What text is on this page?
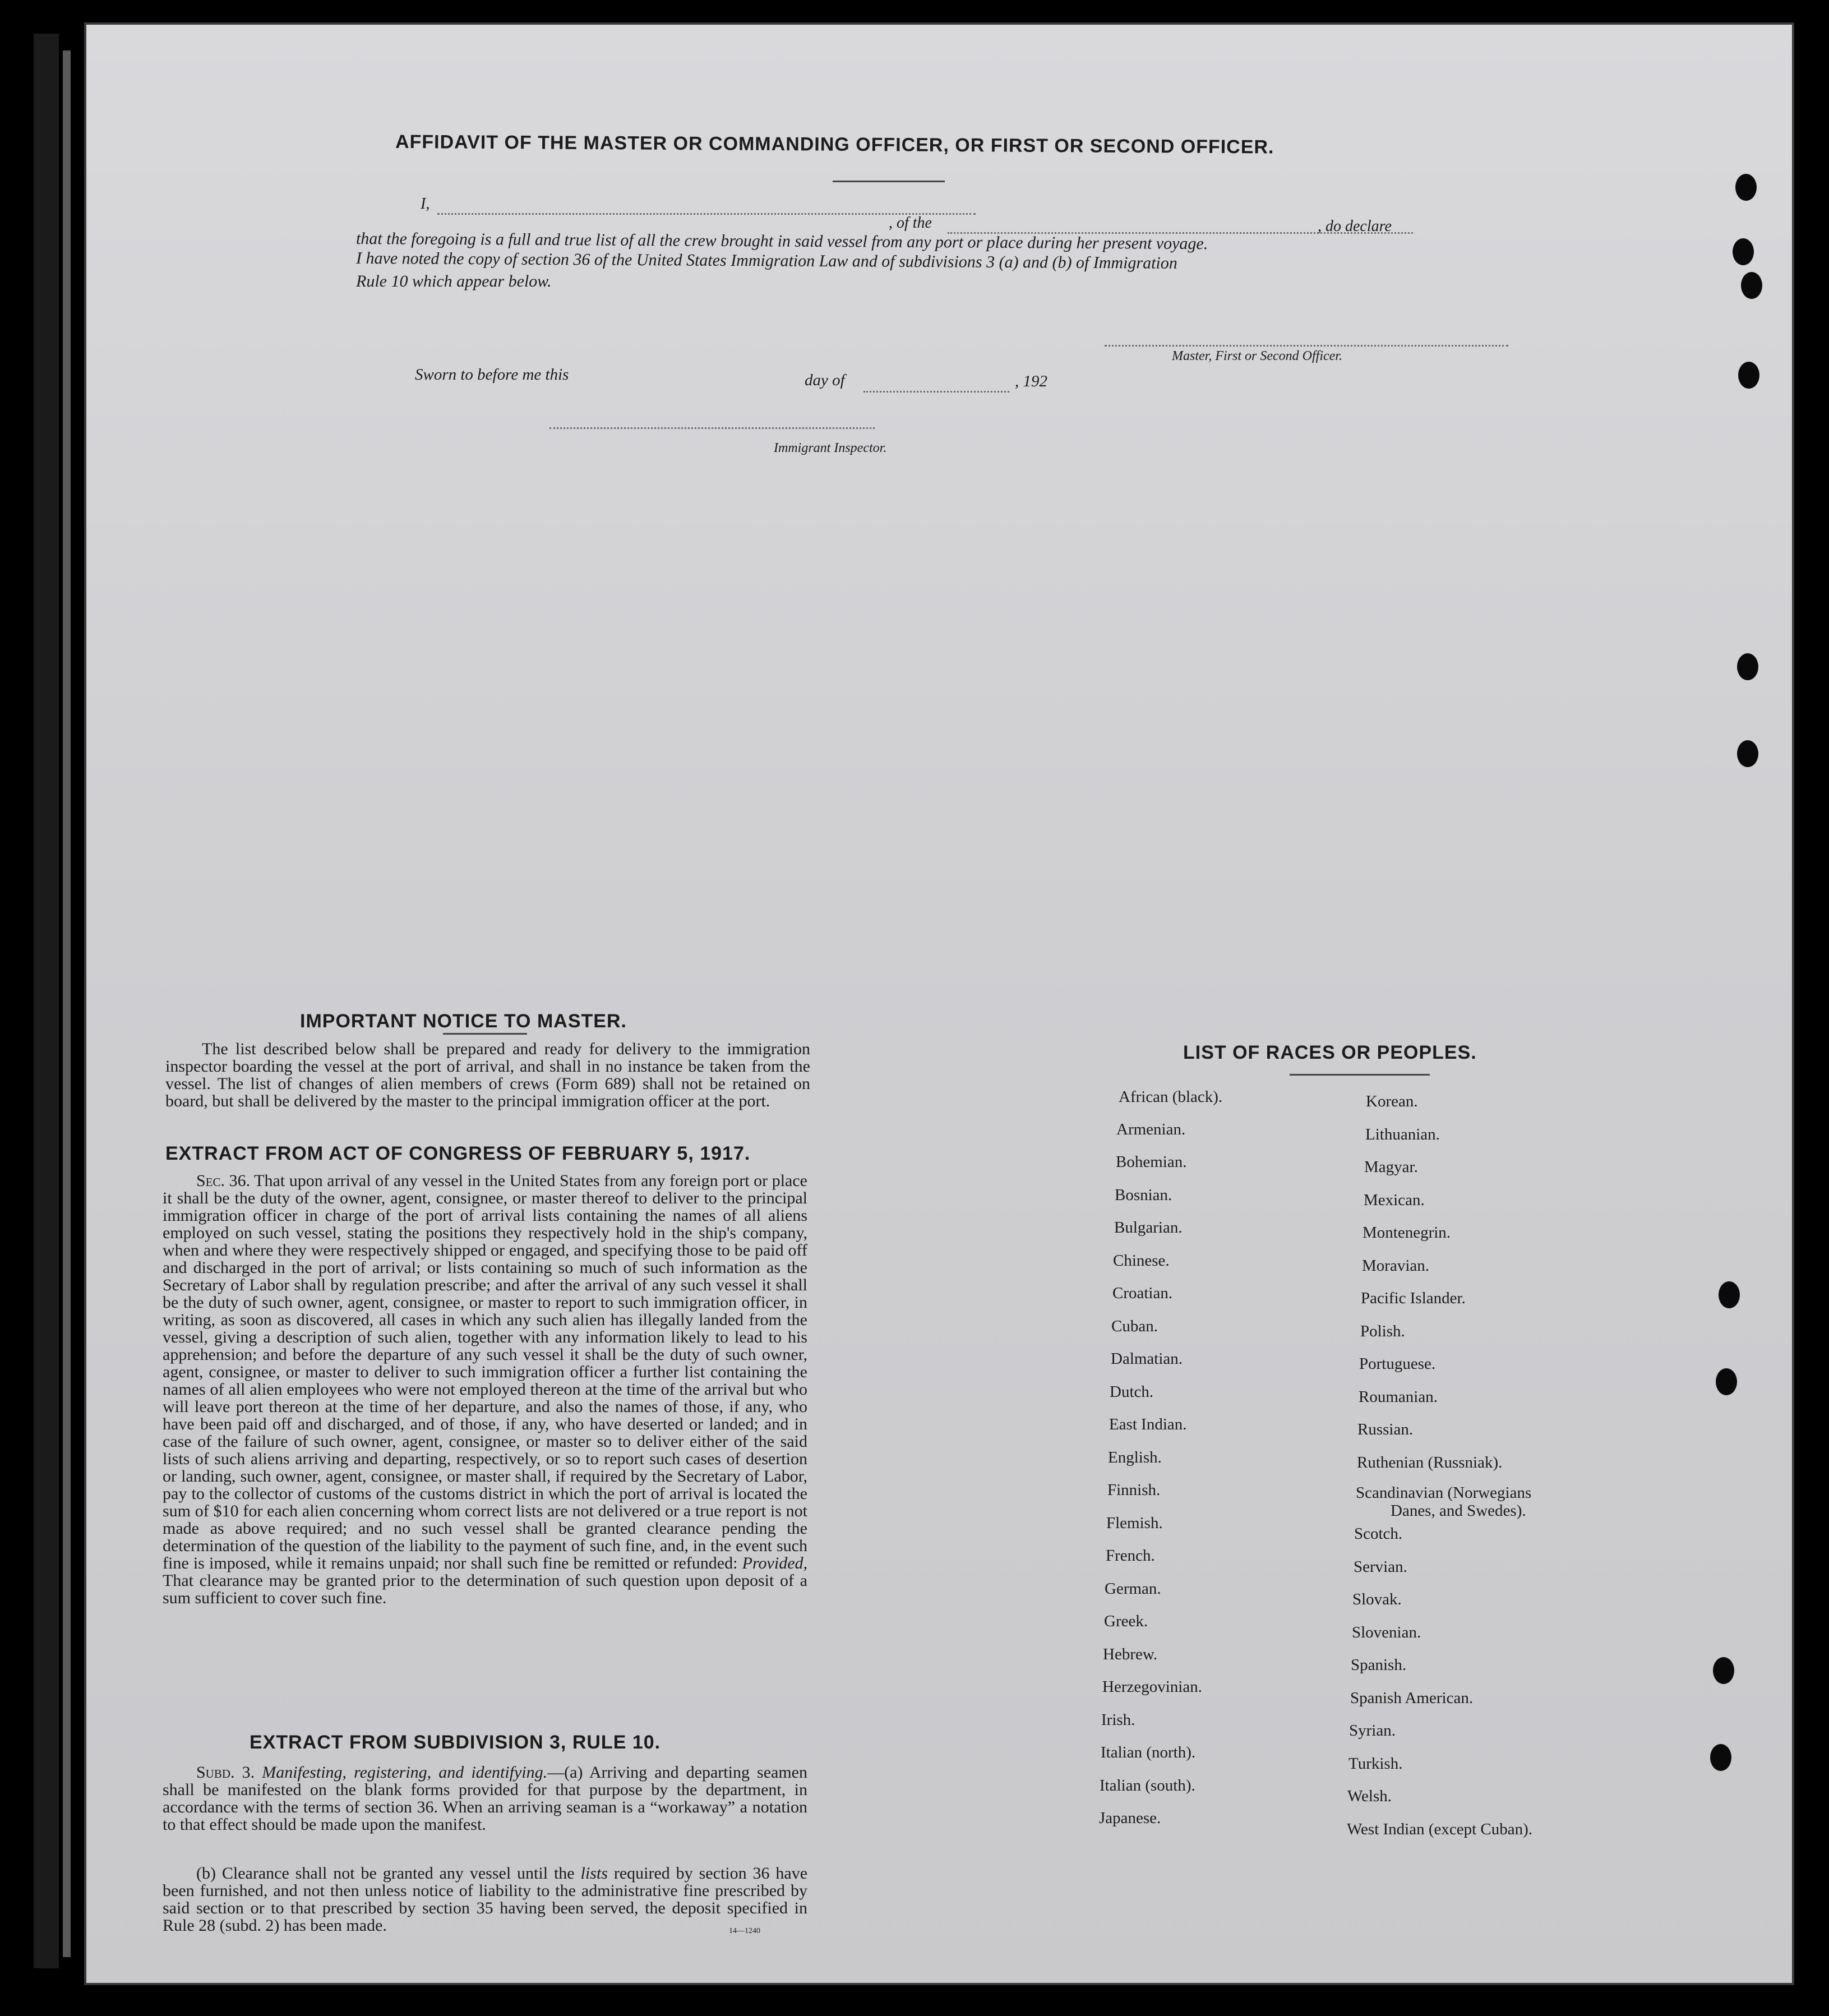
AFFIDAVIT OF THE MASTER OR COMMANDING OFFICER, OR FIRST OR SECOND OFFICER.
I,
, of the	, do declare
that the foregoing is a full and true list of all the crew brought in said vessel from any port or place during her present voyage.
I have noted the copy of section 36 of the United States Immigration Law and of subdivisions 3 (a) and (b) of Immigration
Rule 10 which appear below.
Master, First or Second Officer.
Sworn to before me this	day of	, 192
Immigrant Inspector.
IMPORTANT NOTICE TO MASTER.
The list described below shall be prepared and ready for delivery to the immigration inspector boarding the vessel at the port of arrival, and shall in no instance be taken from the vessel. The list of changes of alien members of crews (Form 689) shall not be retained on board, but shall be delivered by the master to the principal immigration officer at the port.
EXTRACT FROM ACT OF CONGRESS OF FEBRUARY 5, 1917.
Sec. 36. That upon arrival of any vessel in the United States from any foreign port or place it shall be the duty of the owner, agent, consignee, or master thereof to deliver to the principal immigration officer in charge of the port of arrival lists containing the names of all aliens employed on such vessel, stating the positions they respectively hold in the ship's company, when and where they were respectively shipped or engaged, and specifying those to be paid off and discharged in the port of arrival; or lists containing so much of such information as the Secretary of Labor shall by regulation prescribe; and after the arrival of any such vessel it shall be the duty of such owner, agent, consignee, or master to report to such immigration officer, in writing, as soon as discovered, all cases in which any such alien has illegally landed from the vessel, giving a description of such alien, together with any information likely to lead to his apprehension; and before the departure of any such vessel it shall be the duty of such owner, agent, consignee, or master to deliver to such immigration officer a further list containing the names of all alien employees who were not employed thereon at the time of the arrival but who will leave port thereon at the time of her departure, and also the names of those, if any, who have been paid off and discharged, and of those, if any, who have deserted or landed; and in case of the failure of such owner, agent, consignee, or master so to deliver either of the said lists of such aliens arriving and departing, respectively, or so to report such cases of desertion or landing, such owner, agent, consignee, or master shall, if required by the Secretary of Labor, pay to the collector of customs of the customs district in which the port of arrival is located the sum of $10 for each alien concerning whom correct lists are not delivered or a true report is not made as above required; and no such vessel shall be granted clearance pending the determination of the question of the liability to the payment of such fine, and, in the event such fine is imposed, while it remains unpaid; nor shall such fine be remitted or refunded: Provided, That clearance may be granted prior to the determination of such question upon deposit of a sum sufficient to cover such fine.
EXTRACT FROM SUBDIVISION 3, RULE 10.
Subd. 3. Manifesting, registering, and identifying.—(a) Arriving and departing seamen shall be manifested on the blank forms provided for that purpose by the department, in accordance with the terms of section 36. When an arriving seaman is a “workaway” a notation to that effect should be made upon the manifest.
(b) Clearance shall not be granted any vessel until the lists required by section 36 have been furnished, and not then unless notice of liability to the administrative fine prescribed by said section or to that prescribed by section 35 having been served, the deposit specified in Rule 28 (subd. 2) has been made.	14—1240
LIST OF RACES OR PEOPLES.
African (black).
Armenian.
Bohemian.
Bosnian.
Bulgarian.
Chinese.
Croatian.
Cuban.
Dalmatian.
Dutch.
East Indian.
English.
Finnish.
Flemish.
French.
German.
Greek.
Hebrew.
Herzegovinian.
Irish.
Italian (north).
Italian (south).
Japanese.
Korean.
Lithuanian.
Magyar.
Mexican.
Montenegrin.
Moravian.
Pacific Islander.
Polish.
Portuguese.
Roumanian.
Russian.
Ruthenian (Russniak).
Scandinavian (Norwegians
Danes, and Swedes).
Scotch.
Servian.
Slovak.
Slovenian.
Spanish.
Spanish American.
Syrian.
Turkish.
Welsh.
West Indian (except Cuban).
